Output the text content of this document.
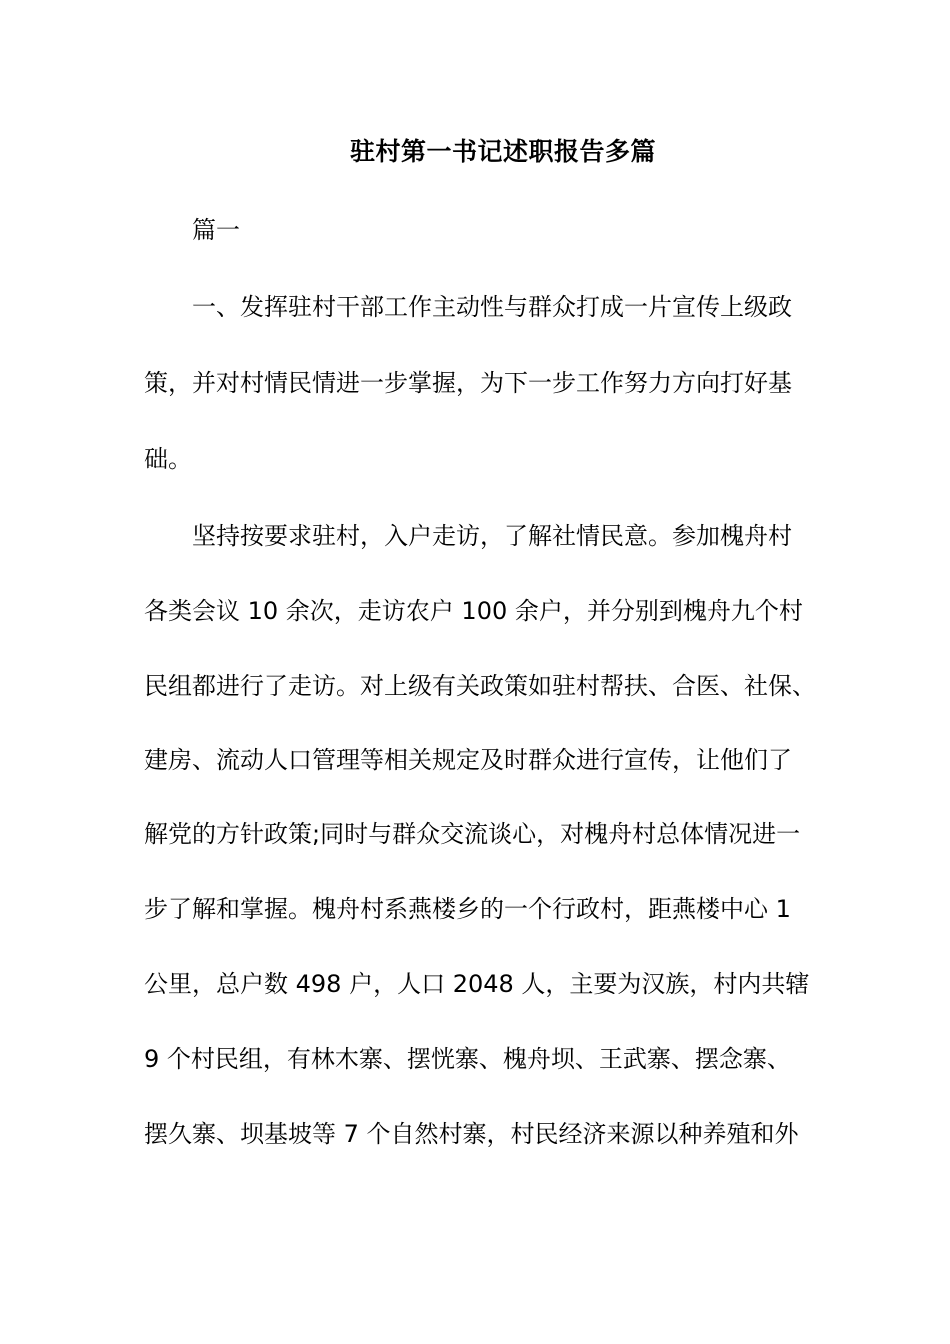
驻村第一书记述职报告多篇
篇一
一、发挥驻村干部工作主动性与群众打成一片宣传上级政
策，并对村情民情进一步掌握，为下一步工作努力方向打好基
础。
坚持按要求驻村，入户走访，了解社情民意。参加槐舟村
各类会议 10 余次，走访农户 100 余户，并分别到槐舟九个村
民组都进行了走访。对上级有关政策如驻村帮扶、合医、社保、
建房、流动人口管理等相关规定及时群众进行宣传，让他们了
解党的方针政策;同时与群众交流谈心，对槐舟村总体情况进一
步了解和掌握。槐舟村系燕楼乡的一个行政村，距燕楼中心 1
公里，总户数 498 户，人口 2048 人，主要为汉族，村内共辖
9 个村民组，有林木寨、摆恍寨、槐舟坝、王武寨、摆念寨、
摆久寨、坝基坡等 7 个自然村寨，村民经济来源以种养殖和外
